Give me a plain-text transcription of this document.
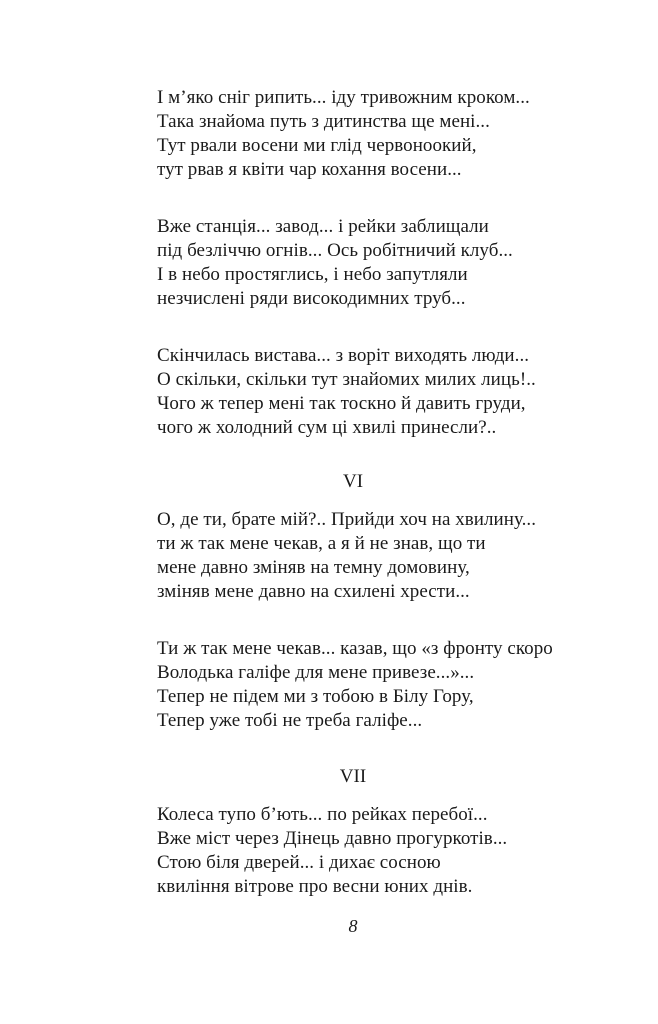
І м’яко сніг рипить... іду тривожним кроком...
Така знайома путь з дитинства ще мені...
Тут рвали восени ми глід червоноокий,
тут рвав я квіти чар кохання восени...
Вже станція... завод... і рейки заблищали
під безліччю огнів... Ось робітничий клуб...
І в небо простяглись, і небо запутляли
незчислені ряди високодимних труб...
Скінчилась вистава... з воріт виходять люди...
О скільки, скільки тут знайомих милих лиць!..
Чого ж тепер мені так тоскно й давить груди,
чого ж холодний сум ці хвилі принесли?..
VI
О, де ти, брате мій?.. Прийди хоч на хвилину...
ти ж так мене чекав, а я й не знав, що ти
мене давно зміняв на темну домовину,
зміняв мене давно на схилені хрести...
Ти ж так мене чекав... казав, що «з фронту скоро
Володька галіфе для мене привезе...»...
Тепер не підем ми з тобою в Білу Гору,
Тепер уже тобі не треба галіфе...
VII
Колеса тупо б’ють... по рейках перебої...
Вже міст через Дінець давно прогуркотів...
Стою біля дверей... і дихає сосною
квиління вітрове про весни юних днів.
8
